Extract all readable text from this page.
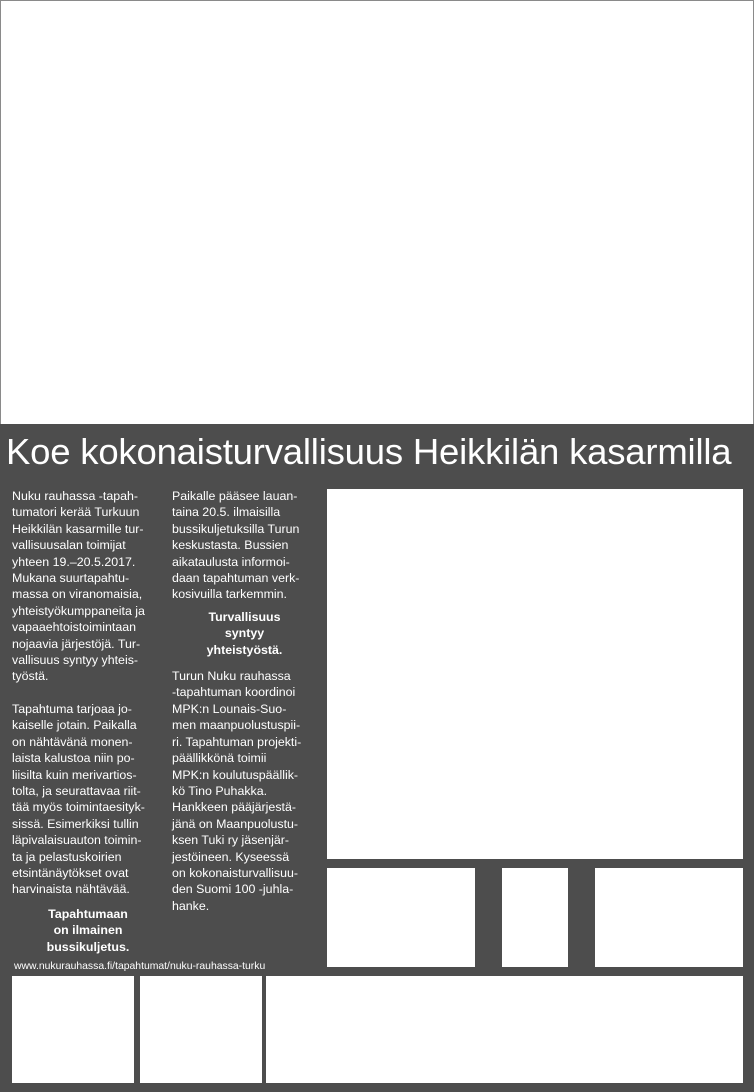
Koe kokonaisturvallisuus Heikkilän kasarmilla

Nuku rauhassa -tapah-
tumatori kerää Turkuun
Heikkilän kasarmille tur-
vallisuusalan toimijat
yhteen 19.–20.5.2017.
Mukana suurtapahtu-
massa on viranomaisia,
yhteistyökumppaneita ja
vapaaehtoistoimintaan
nojaavia järjestöjä. Tur-
vallisuus syntyy yhteis-
työstä.

Tapahtuma tarjoaa jo-
kaiselle jotain. Paikalla
on nähtävänä monen-
laista kalustoa niin po-
liisilta kuin merivartios-
tolta, ja seurattavaa riit-
tää myös toimintaesityk-
sissä. Esimerkiksi tullin
läpivalaisuauton toimin-
ta ja pelastuskoirien
etsintänäytökset ovat
harvinaista nähtävää.

Tapahtumaan
on ilmainen
bussikuljetus.

Paikalle pääsee lauan-
taina 20.5. ilmaisilla
bussikuljetuksilla Turun
keskustasta. Bussien
aikataulusta informoi-
daan tapahtuman verk-
kosivuilla tarkemmin.

Turvallisuus
syntyy
yhteistyöstä.

Turun Nuku rauhassa
-tapahtuman koordinoi
MPK:n Lounais-Suo-
men maanpuolustuspii-
ri. Tapahtuman projekti-
päällikkönä toimii
MPK:n koulutuspäällik-
kö Tino Puhakka.
Hankkeen pääjärjestä-
jänä on Maanpuolustu-
ksen Tuki ry jäsenjär-
jestöineen. Kyseessä
on kokonaisturvallisuu-
den Suomi 100 -juhla-
hanke.

www.nukurauhassa.fi/tapahtumat/nuku-rauhassa-turku
